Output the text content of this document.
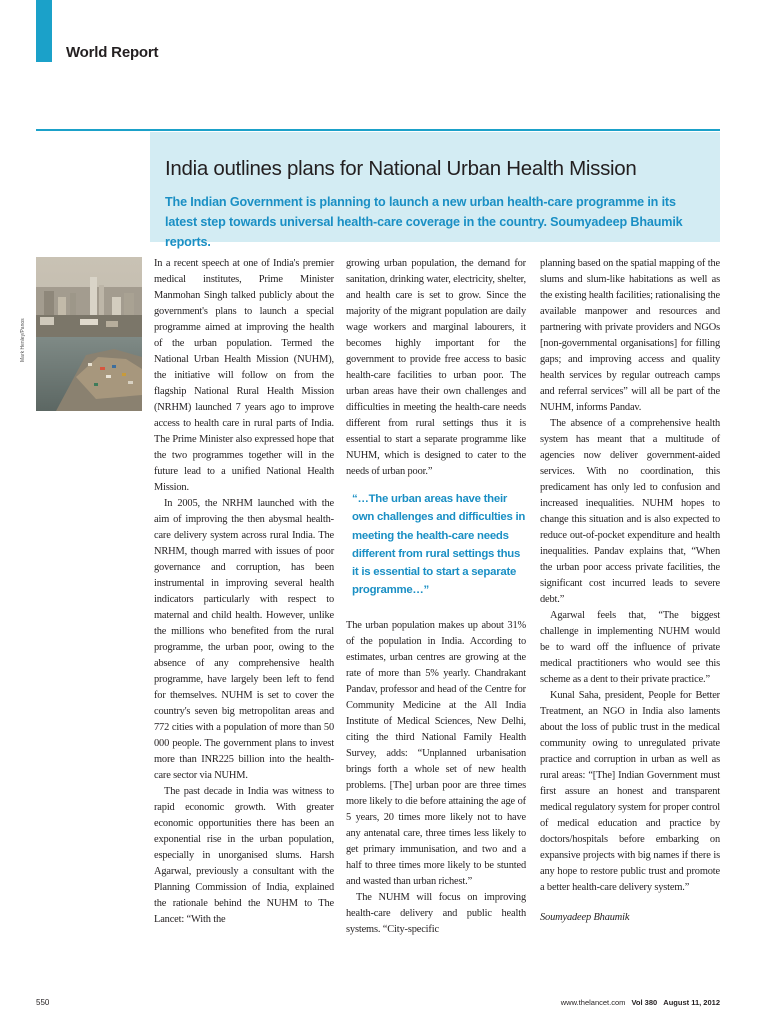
World Report
India outlines plans for National Urban Health Mission

The Indian Government is planning to launch a new urban health-care programme in its latest step towards universal health-care coverage in the country. Soumyadeep Bhaumik reports.

Mark Henley/Panos

In a recent speech at one of India's premier medical institutes, Prime Minister Manmohan Singh talked publicly about the government's plans to launch a special programme aimed at improving the health of the urban population. Termed the National Urban Health Mission (NUHM), the initiative will follow on from the flagship National Rural Health Mission (NRHM) launched 7 years ago to improve access to health care in rural parts of India. The Prime Minister also expressed hope that the two programmes together will in the future lead to a unified National Health Mission.

In 2005, the NRHM launched with the aim of improving the then abysmal health-care delivery system across rural India. The NRHM, though marred with issues of poor governance and corruption, has been instrumental in improving several health indicators particularly with respect to maternal and child health. However, unlike the millions who benefited from the rural programme, the urban poor, owing to the absence of any comprehensive health programme, have largely been left to fend for themselves. NUHM is set to cover the country's seven big metropolitan areas and 772 cities with a population of more than 50 000 people. The government plans to invest more than INR225 billion into the health-care sector via NUHM.

The past decade in India was witness to rapid economic growth. With greater economic opportunities there has been an exponential rise in the urban population, especially in unorganised slums. Harsh Agarwal, previously a consultant with the Planning Commission of India, explained the rationale behind the NUHM to The Lancet: “With the

growing urban population, the demand for sanitation, drinking water, electricity, shelter, and health care is set to grow. Since the majority of the migrant population are daily wage workers and marginal labourers, it becomes highly important for the government to provide free access to basic health-care facilities to urban poor. The urban areas have their own challenges and difficulties in meeting the health-care needs different from rural settings thus it is essential to start a separate programme like NUHM, which is designed to cater to the needs of urban poor.”

“…The urban areas have their own challenges and difficulties in meeting the health-care needs different from rural settings thus it is essential to start a separate programme…”

The urban population makes up about 31% of the population in India. According to estimates, urban centres are growing at the rate of more than 5% yearly. Chandrakant Pandav, professor and head of the Centre for Community Medicine at the All India Institute of Medical Sciences, New Delhi, citing the third National Family Health Survey, adds: “Unplanned urbanisation brings forth a whole set of new health problems. [The] urban poor are three times more likely to die before attaining the age of 5 years, 20 times more likely not to have any antenatal care, three times less likely to get primary immunisation, and two and a half to three times more likely to be stunted and wasted than urban richest.”

The NUHM will focus on improving health-care delivery and public health systems. “City-specific

planning based on the spatial mapping of the slums and slum-like habitations as well as the existing health facilities; rationalising the available manpower and resources and partnering with private providers and NGOs [non-governmental organisations] for filling gaps; and improving access and quality health services by regular outreach camps and referral services” will all be part of the NUHM, informs Pandav.

The absence of a comprehensive health system has meant that a multitude of agencies now deliver government-aided services. With no coordination, this predicament has only led to confusion and increased inequalities. NUHM hopes to change this situation and is also expected to reduce out-of-pocket expenditure and health inequalities. Pandav explains that, “When the urban poor access private facilities, the significant cost incurred leads to severe debt.”

Agarwal feels that, “The biggest challenge in implementing NUHM would be to ward off the influence of private medical practitioners who would see this scheme as a dent to their private practice.”

Kunal Saha, president, People for Better Treatment, an NGO in India also laments about the loss of public trust in the medical community owing to unregulated private practice and corruption in urban as well as rural areas: “[The] Indian Government must first assure an honest and transparent medical regulatory system for proper control of medical education and practice by doctors/hospitals before embarking on expansive projects with big names if there is any hope to restore public trust and promote a better health-care delivery system.”

Soumyadeep Bhaumik

550	www.thelancet.com Vol 380 August 11, 2012
